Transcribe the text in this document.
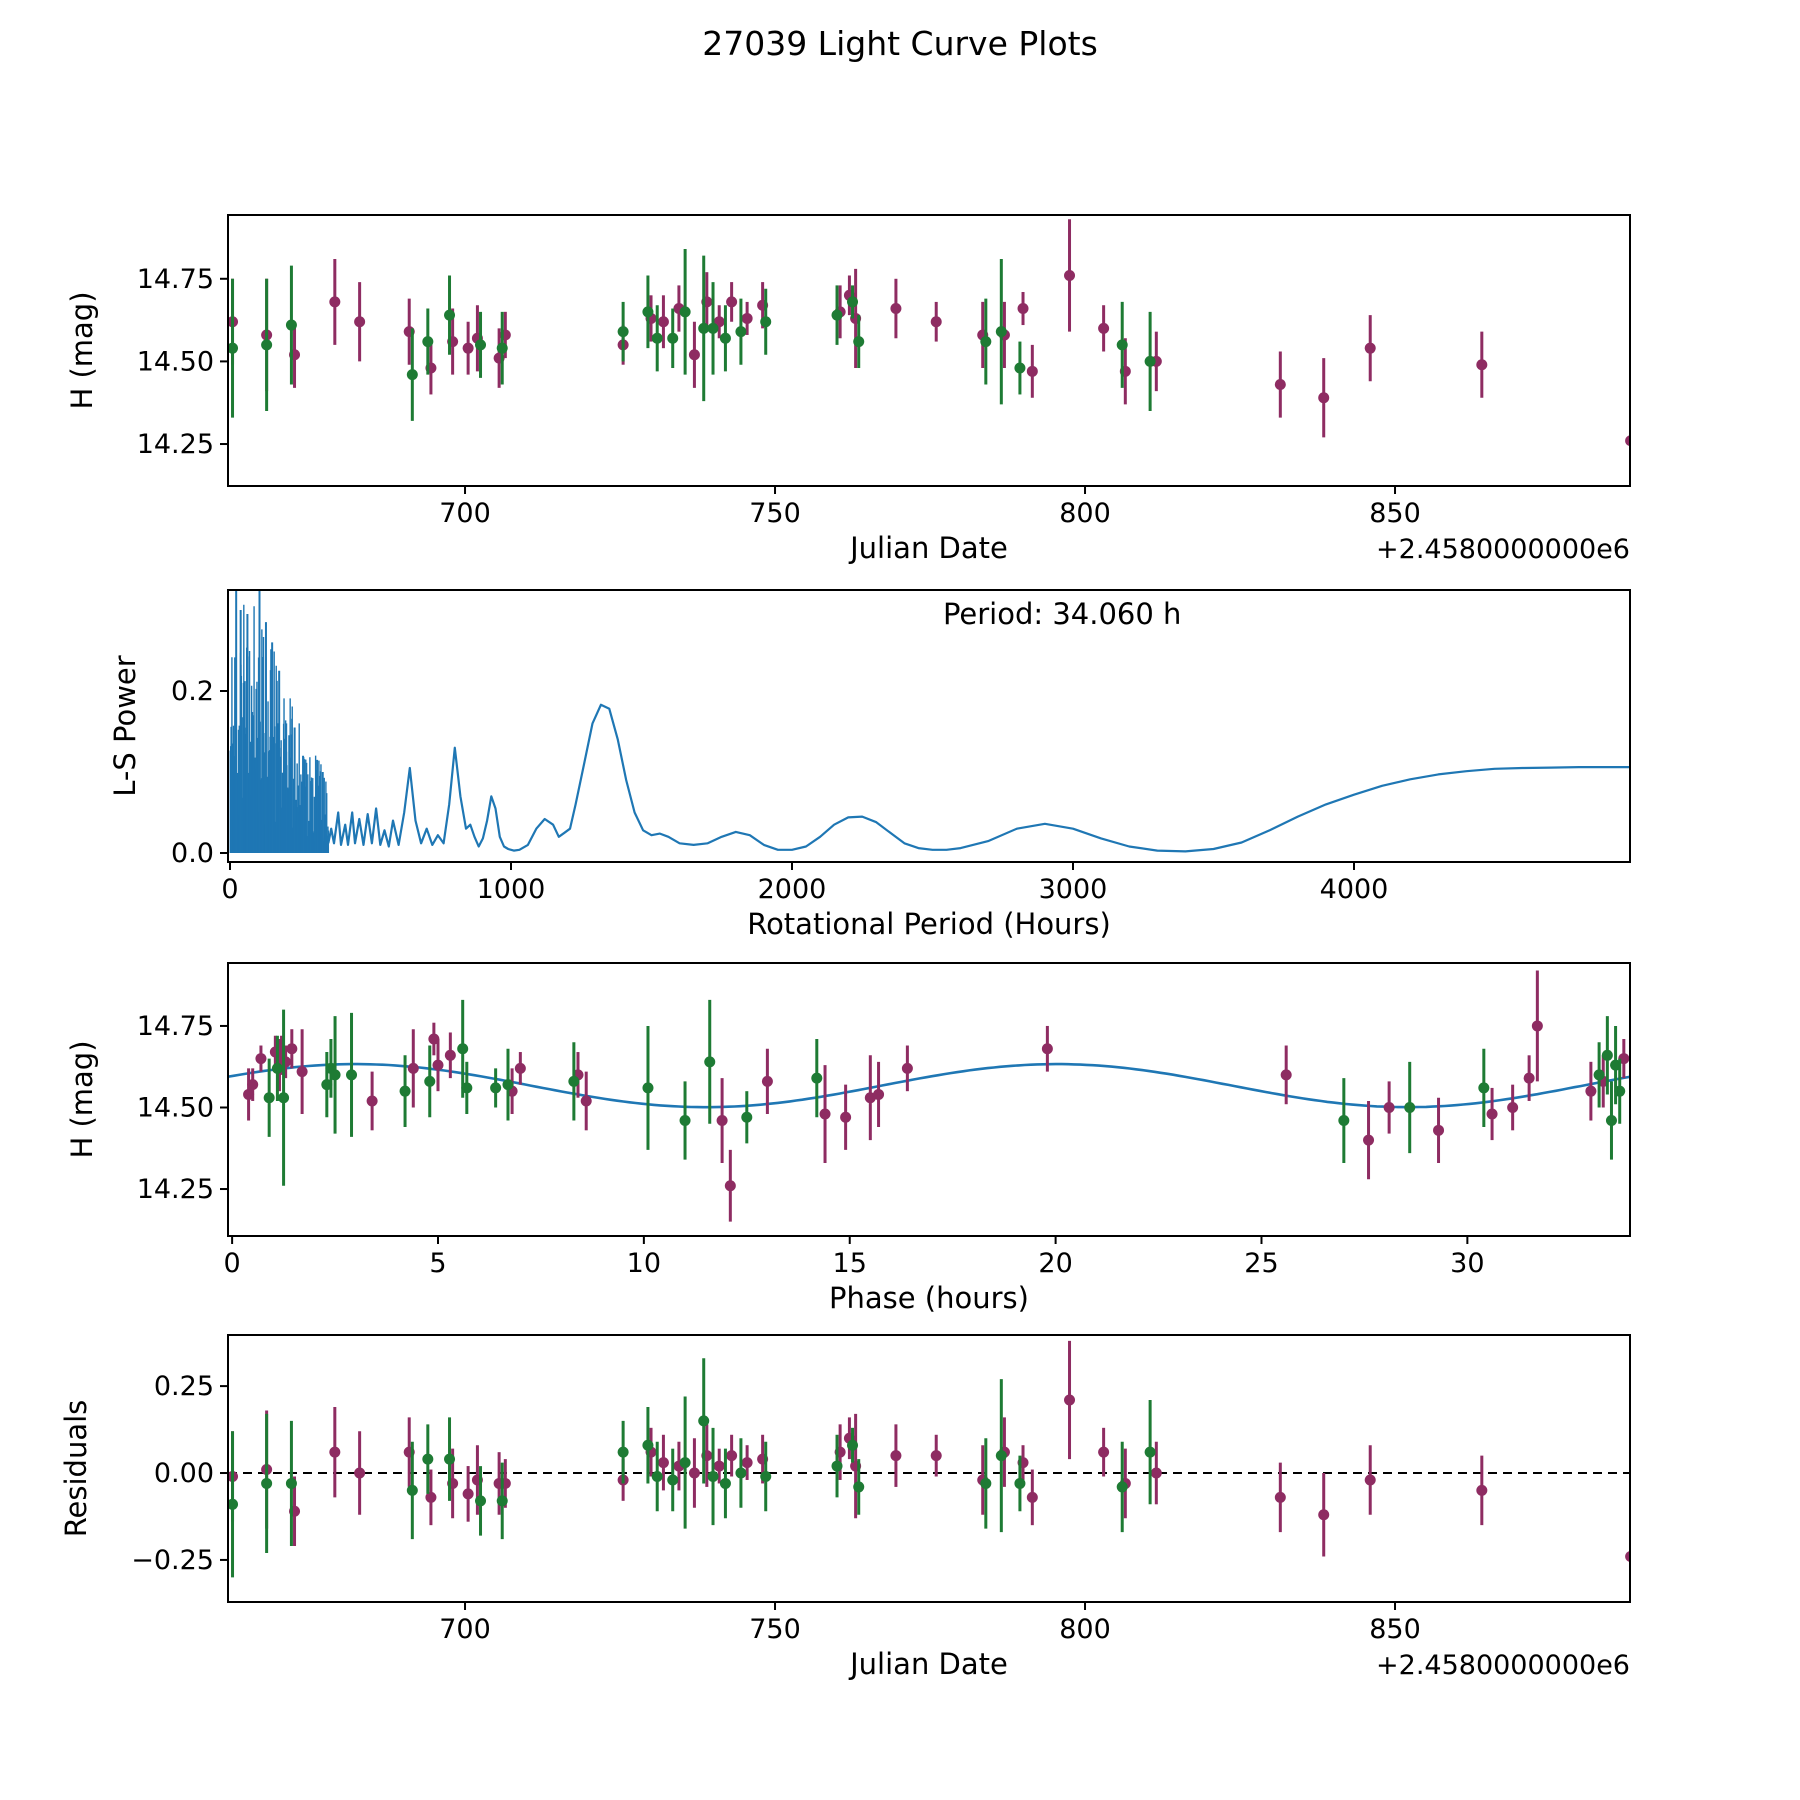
27039 Light Curve Plots
700	750	800	850
14.25
14.50
14.75
Julian Date	+2.4580000000e6
H (mag)
Period: 34.060 h
0	1000	2000	3000	4000
0.0
0.2
Rotational Period (Hours)
L-S Power
0	5	10	15	20	25	30
14.25
14.50
14.75
Phase (hours)
H (mag)
700	750	800	850
−0.25
0.00
0.25
Julian Date	+2.4580000000e6
Residuals
